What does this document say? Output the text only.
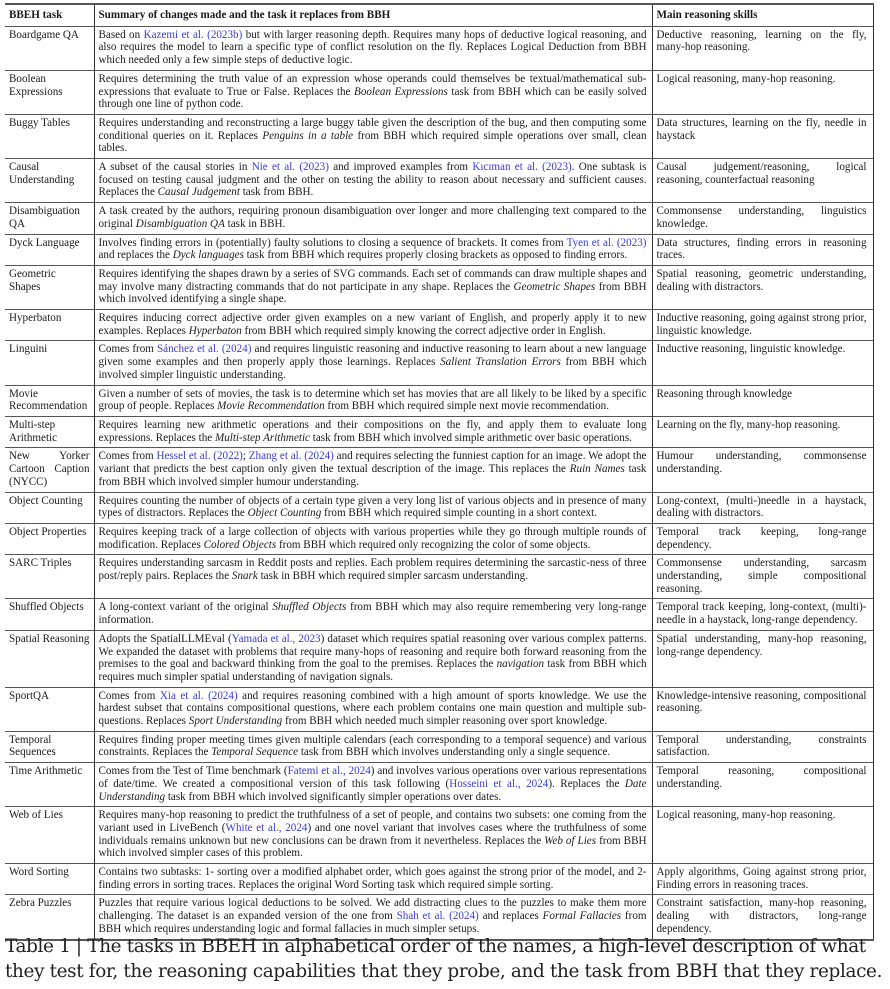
BBEH task	Summary of changes made and the task it replaces from BBH	Main reasoning skills
Boardgame QA	Based on Kazemi et al. (2023b) but with larger reasoning depth. Requires many hops of deductive logical reasoning, and also requires the model to learn a specific type of conflict resolution on the fly. Replaces Logical Deduction from BBH which needed only a few simple steps of deductive logic.	Deductive reasoning, learning on the fly, many-hop reasoning.
Boolean Expressions	Requires determining the truth value of an expression whose operands could themselves be textual/mathematical sub-expressions that evaluate to True or False. Replaces the Boolean Expressions task from BBH which can be easily solved through one line of python code.	Logical reasoning, many-hop reasoning.
Buggy Tables	Requires understanding and reconstructing a large buggy table given the description of the bug, and then computing some conditional queries on it. Replaces Penguins in a table from BBH which required simple operations over small, clean tables.	Data structures, learning on the fly, needle in haystack
Causal Understanding	A subset of the causal stories in Nie et al. (2023) and improved examples from Kıcıman et al. (2023). One subtask is focused on testing causal judgment and the other on testing the ability to reason about necessary and sufficient causes. Replaces the Causal Judgement task from BBH.	Causal judgement/reasoning, logical reasoning, counterfactual reasoning
Disambiguation QA	A task created by the authors, requiring pronoun disambiguation over longer and more challenging text compared to the original Disambiguation QA task in BBH.	Commonsense understanding, linguistics knowledge.
Dyck Language	Involves finding errors in (potentially) faulty solutions to closing a sequence of brackets. It comes from Tyen et al. (2023) and replaces the Dyck languages task from BBH which requires properly closing brackets as opposed to finding errors.	Data structures, finding errors in reasoning traces.
Geometric Shapes	Requires identifying the shapes drawn by a series of SVG commands. Each set of commands can draw multiple shapes and may involve many distracting commands that do not participate in any shape. Replaces the Geometric Shapes from BBH which involved identifying a single shape.	Spatial reasoning, geometric understanding, dealing with distractors.
Hyperbaton	Requires inducing correct adjective order given examples on a new variant of English, and properly apply it to new examples. Replaces Hyperbaton from BBH which required simply knowing the correct adjective order in English.	Inductive reasoning, going against strong prior, linguistic knowledge.
Linguini	Comes from Sánchez et al. (2024) and requires linguistic reasoning and inductive reasoning to learn about a new language given some examples and then properly apply those learnings. Replaces Salient Translation Errors from BBH which involved simpler linguistic understanding.	Inductive reasoning, linguistic knowledge.
Movie Recommendation	Given a number of sets of movies, the task is to determine which set has movies that are all likely to be liked by a specific group of people. Replaces Movie Recommendation from BBH which required simple next movie recommendation.	Reasoning through knowledge
Multi-step Arithmetic	Requires learning new arithmetic operations and their compositions on the fly, and apply them to evaluate long expressions. Replaces the Multi-step Arithmetic task from BBH which involved simple arithmetic over basic operations.	Learning on the fly, many-hop reasoning.
New Yorker Cartoon Caption (NYCC)	Comes from Hessel et al. (2022); Zhang et al. (2024) and requires selecting the funniest caption for an image. We adopt the variant that predicts the best caption only given the textual description of the image. This replaces the Ruin Names task from BBH which involved simpler humour understanding.	Humour understanding, commonsense understanding.
Object Counting	Requires counting the number of objects of a certain type given a very long list of various objects and in presence of many types of distractors. Replaces the Object Counting from BBH which required simple counting in a short context.	Long-context, (multi-)needle in a haystack, dealing with distractors.
Object Properties	Requires keeping track of a large collection of objects with various properties while they go through multiple rounds of modification. Replaces Colored Objects from BBH which required only recognizing the color of some objects.	Temporal track keeping, long-range dependency.
SARC Triples	Requires understanding sarcasm in Reddit posts and replies. Each problem requires determining the sarcastic-ness of three post/reply pairs. Replaces the Snark task in BBH which required simpler sarcasm understanding.	Commonsense understanding, sarcasm understanding, simple compositional reasoning.
Shuffled Objects	A long-context variant of the original Shuffled Objects from BBH which may also require remembering very long-range information.	Temporal track keeping, long-context, (multi)-needle in a haystack, long-range dependency.
Spatial Reasoning	Adopts the SpatialLLMEval (Yamada et al., 2023) dataset which requires spatial reasoning over various complex patterns. We expanded the dataset with problems that require many-hops of reasoning and require both forward reasoning from the premises to the goal and backward thinking from the goal to the premises. Replaces the navigation task from BBH which requires much simpler spatial understanding of navigation signals.	Spatial understanding, many-hop reasoning, long-range dependency.
SportQA	Comes from Xia et al. (2024) and requires reasoning combined with a high amount of sports knowledge. We use the hardest subset that contains compositional questions, where each problem contains one main question and multiple sub-questions. Replaces Sport Understanding from BBH which needed much simpler reasoning over sport knowledge.	Knowledge-intensive reasoning, compositional reasoning.
Temporal Sequences	Requires finding proper meeting times given multiple calendars (each corresponding to a temporal sequence) and various constraints. Replaces the Temporal Sequence task from BBH which involves understanding only a single sequence.	Temporal understanding, constraints satisfaction.
Time Arithmetic	Comes from the Test of Time benchmark (Fatemi et al., 2024) and involves various operations over various representations of date/time. We created a compositional version of this task following (Hosseini et al., 2024). Replaces the Date Understanding task from BBH which involved significantly simpler operations over dates.	Temporal reasoning, compositional understanding.
Web of Lies	Requires many-hop reasoning to predict the truthfulness of a set of people, and contains two subsets: one coming from the variant used in LiveBench (White et al., 2024) and one novel variant that involves cases where the truthfulness of some individuals remains unknown but new conclusions can be drawn from it nevertheless. Replaces the Web of Lies from BBH which involved simpler cases of this problem.	Logical reasoning, many-hop reasoning.
Word Sorting	Contains two subtasks: 1- sorting over a modified alphabet order, which goes against the strong prior of the model, and 2- finding errors in sorting traces. Replaces the original Word Sorting task which required simple sorting.	Apply algorithms, Going against strong prior, Finding errors in reasoning traces.
Zebra Puzzles	Puzzles that require various logical deductions to be solved. We add distracting clues to the puzzles to make them more challenging. The dataset is an expanded version of the one from Shah et al. (2024) and replaces Formal Fallacies from BBH which requires understanding logic and formal fallacies in much simpler setups.	Constraint satisfaction, many-hop reasoning, dealing with distractors, long-range dependency.
Table 1 | The tasks in BBEH in alphabetical order of the names, a high-level description of what they test for, the reasoning capabilities that they probe, and the task from BBH that they replace.
